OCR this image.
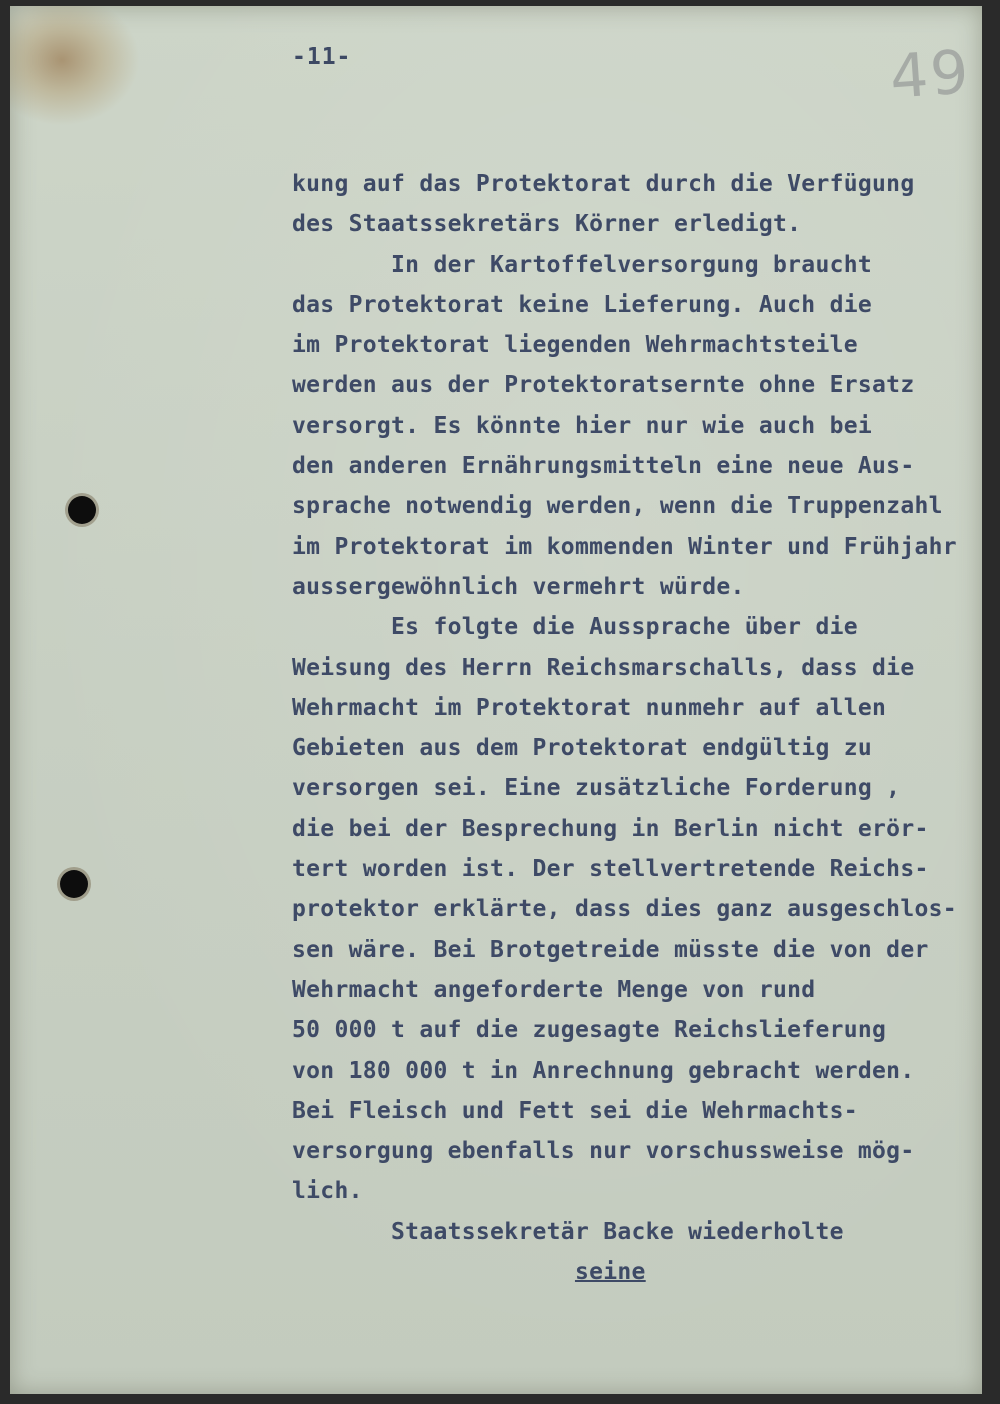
-11-	49
kung auf das Protektorat durch die Verfügung
des Staatssekretärs Körner erledigt.
In der Kartoffelversorgung braucht
das Protektorat keine Lieferung. Auch die
im Protektorat liegenden Wehrmachtsteile
werden aus der Protektoratsernte ohne Ersatz
versorgt. Es könnte hier nur wie auch bei
den anderen Ernährungsmitteln eine neue Aus-
sprache notwendig werden, wenn die Truppenzahl
im Protektorat im kommenden Winter und Frühjahr
aussergewöhnlich vermehrt würde.
Es folgte die Aussprache über die
Weisung des Herrn Reichsmarschalls, dass die
Wehrmacht im Protektorat nunmehr auf allen
Gebieten aus dem Protektorat endgültig zu
versorgen sei. Eine zusätzliche Forderung ,
die bei der Besprechung in Berlin nicht erör-
tert worden ist. Der stellvertretende Reichs-
protektor erklärte, dass dies ganz ausgeschlos-
sen wäre. Bei Brotgetreide müsste die von der
Wehrmacht angeforderte Menge von rund
50 000 t auf die zugesagte Reichslieferung
von 180 000 t in Anrechnung gebracht werden.
Bei Fleisch und Fett sei die Wehrmachts-
versorgung ebenfalls nur vorschussweise mög-
lich.
Staatssekretär Backe wiederholte
seine
